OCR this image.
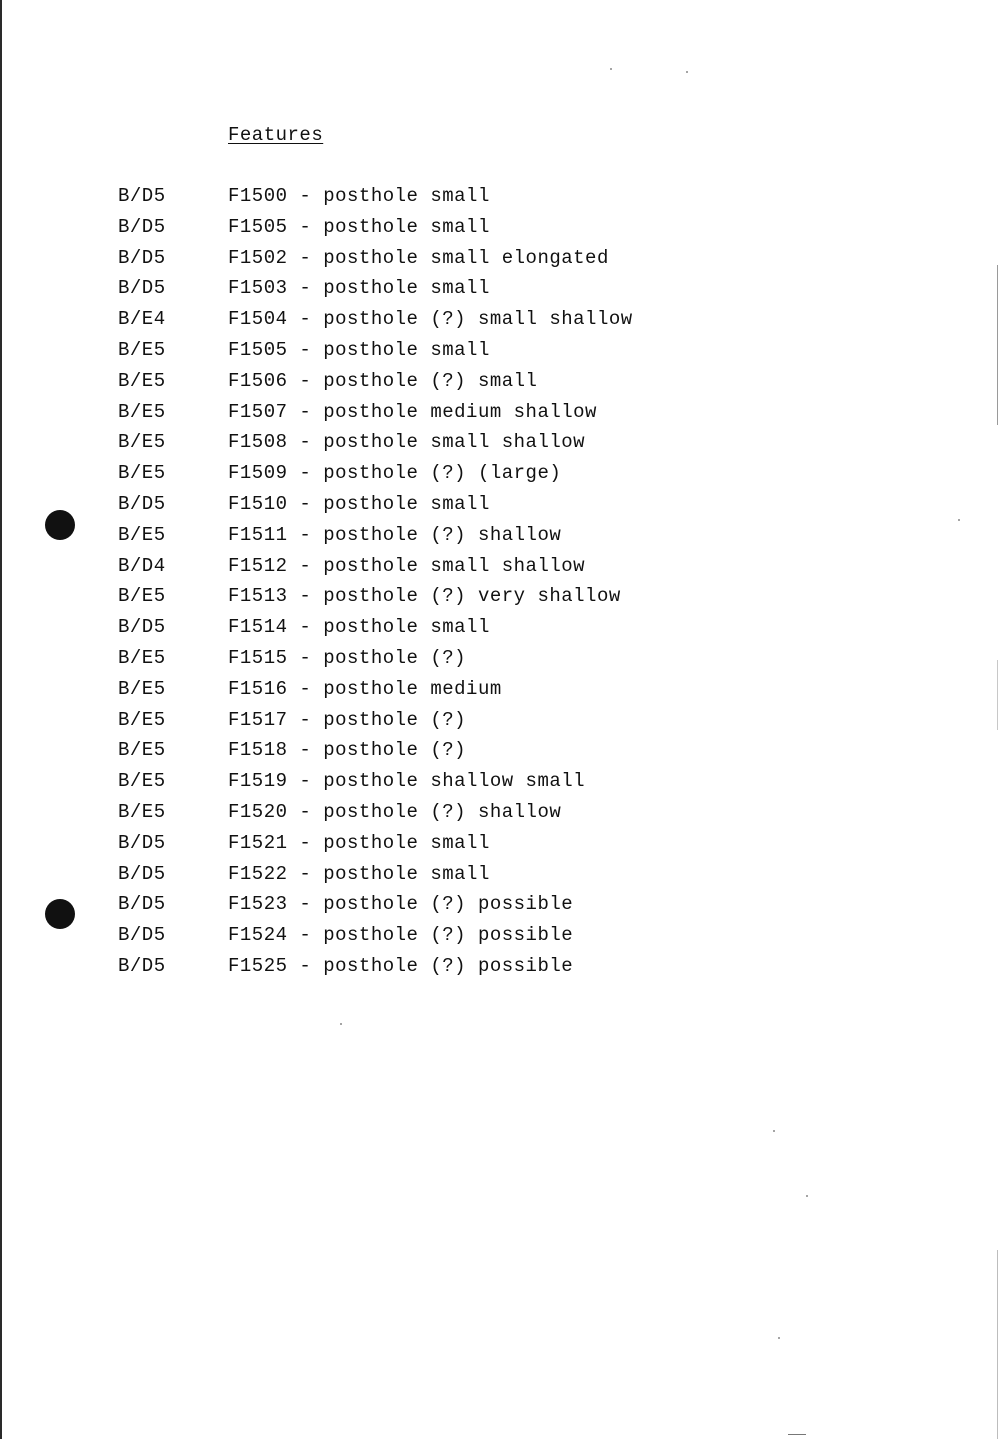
Features
B/D5	F1500 - posthole small
B/D5	F1505 - posthole small
B/D5	F1502 - posthole small elongated
B/D5	F1503 - posthole small
B/E4	F1504 - posthole (?) small shallow
B/E5	F1505 - posthole small
B/E5	F1506 - posthole (?) small
B/E5	F1507 - posthole medium shallow
B/E5	F1508 - posthole small shallow
B/E5	F1509 - posthole (?) (large)
B/D5	F1510 - posthole small
B/E5	F1511 - posthole (?) shallow
B/D4	F1512 - posthole small shallow
B/E5	F1513 - posthole (?) very shallow
B/D5	F1514 - posthole small
B/E5	F1515 - posthole (?)
B/E5	F1516 - posthole medium
B/E5	F1517 - posthole (?)
B/E5	F1518 - posthole (?)
B/E5	F1519 - posthole shallow small
B/E5	F1520 - posthole (?) shallow
B/D5	F1521 - posthole small
B/D5	F1522 - posthole small
B/D5	F1523 - posthole (?) possible
B/D5	F1524 - posthole (?) possible
B/D5	F1525 - posthole (?) possible
